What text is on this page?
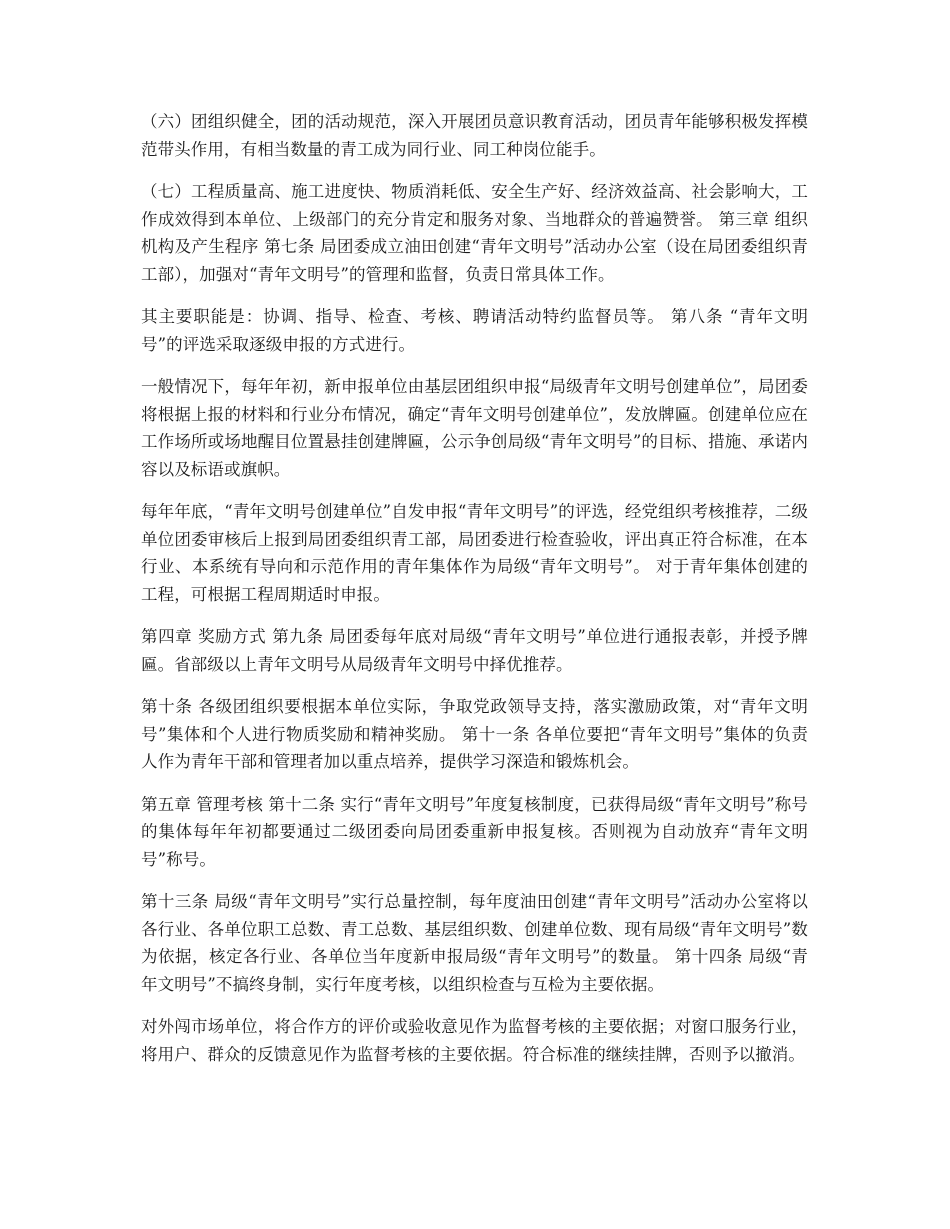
（六）团组织健全，团的活动规范，深入开展团员意识教育活动，团员青年能够积极发挥模范带头作用，有相当数量的青工成为同行业、同工种岗位能手。

（七）工程质量高、施工进度快、物质消耗低、安全生产好、经济效益高、社会影响大，工作成效得到本单位、上级部门的充分肯定和服务对象、当地群众的普遍赞誉。 第三章 组织机构及产生程序 第七条 局团委成立油田创建“青年文明号”活动办公室（设在局团委组织青工部），加强对“青年文明号”的管理和监督，负责日常具体工作。

其主要职能是：协调、指导、检查、考核、聘请活动特约监督员等。 第八条 “青年文明号”的评选采取逐级申报的方式进行。

一般情况下，每年年初，新申报单位由基层团组织申报“局级青年文明号创建单位”，局团委将根据上报的材料和行业分布情况，确定“青年文明号创建单位”，发放牌匾。创建单位应在工作场所或场地醒目位置悬挂创建牌匾，公示争创局级“青年文明号”的目标、措施、承诺内容以及标语或旗帜。

每年年底，“青年文明号创建单位”自发申报“青年文明号”的评选，经党组织考核推荐，二级单位团委审核后上报到局团委组织青工部，局团委进行检查验收，评出真正符合标准，在本行业、本系统有导向和示范作用的青年集体作为局级“青年文明号”。 对于青年集体创建的工程，可根据工程周期适时申报。

第四章 奖励方式 第九条 局团委每年底对局级“青年文明号”单位进行通报表彰，并授予牌匾。省部级以上青年文明号从局级青年文明号中择优推荐。

第十条 各级团组织要根据本单位实际，争取党政领导支持，落实激励政策，对“青年文明号”集体和个人进行物质奖励和精神奖励。 第十一条 各单位要把“青年文明号”集体的负责人作为青年干部和管理者加以重点培养，提供学习深造和锻炼机会。

第五章 管理考核 第十二条 实行“青年文明号”年度复核制度，已获得局级“青年文明号”称号的集体每年年初都要通过二级团委向局团委重新申报复核。否则视为自动放弃“青年文明号”称号。

第十三条 局级“青年文明号”实行总量控制，每年度油田创建“青年文明号”活动办公室将以各行业、各单位职工总数、青工总数、基层组织数、创建单位数、现有局级“青年文明号”数为依据，核定各行业、各单位当年度新申报局级“青年文明号”的数量。 第十四条 局级“青年文明号”不搞终身制，实行年度考核，以组织检查与互检为主要依据。

对外闯市场单位，将合作方的评价或验收意见作为监督考核的主要依据；对窗口服务行业，将用户、群众的反馈意见作为监督考核的主要依据。符合标准的继续挂牌，否则予以撤消。
